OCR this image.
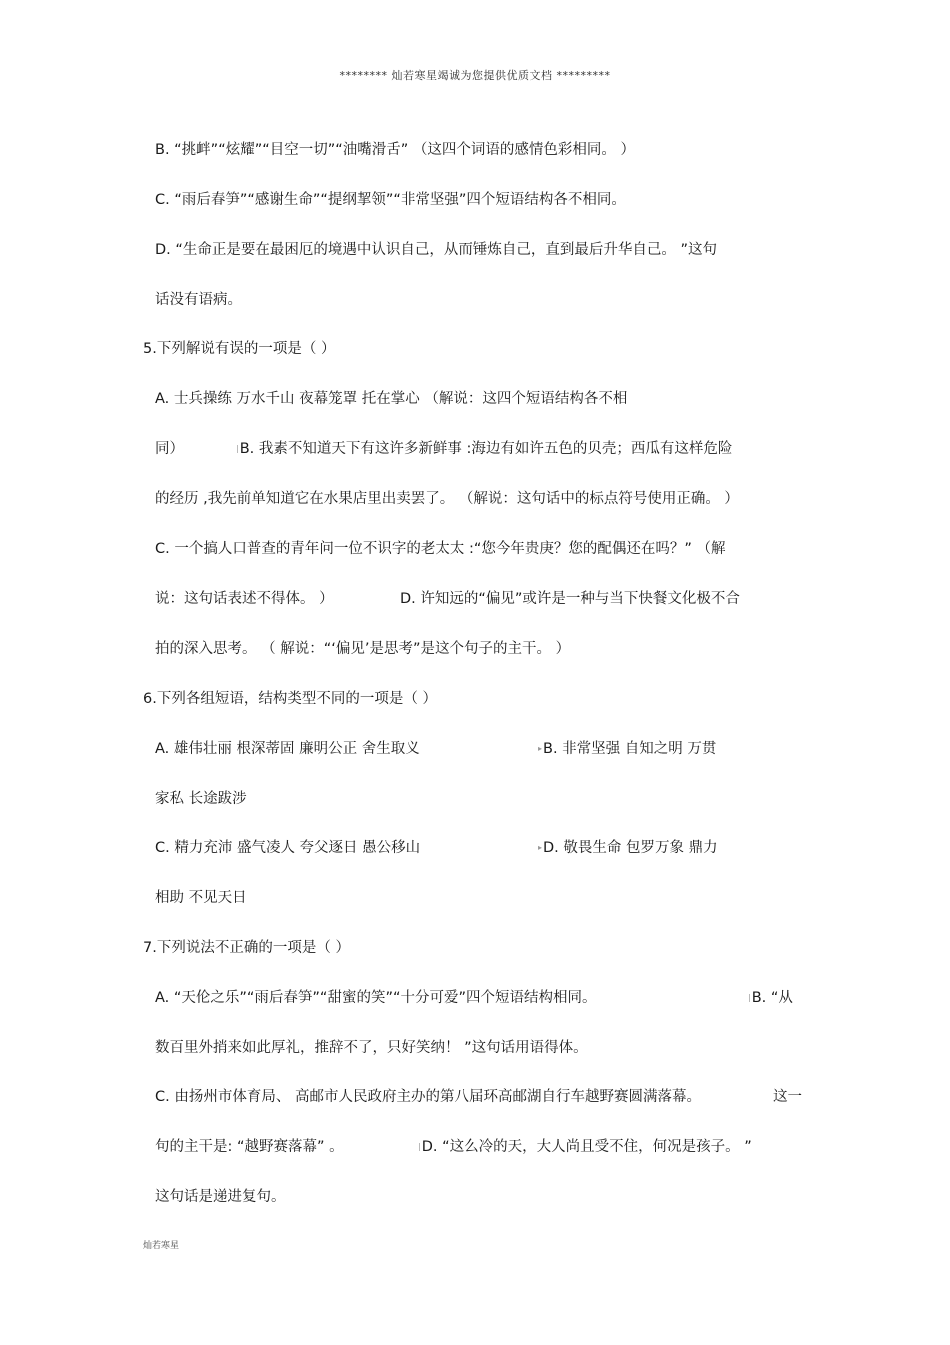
******** 灿若寒星竭诚为您提供优质文档 *********
B. “挑衅”“炫耀”“目空一切”“油嘴滑舌” （这四个词语的感情色彩相同。 ）
C. “雨后春笋”“感谢生命”“提纲挈领”“非常坚强”四个短语结构各不相同。
D. “生命正是要在最困厄的境遇中认识自己，从而锤炼自己，直到最后升华自己。 ”这句
话没有语病。
5.下列解说有误的一项是（ ）
A. 士兵操练 万水千山 夜幕笼罩 托在掌心 （解说：这四个短语结构各不相
同）	|B. 我素不知道天下有这许多新鲜事 :海边有如许五色的贝壳；西瓜有这样危险
的经历 ,我先前单知道它在水果店里出卖罢了。 （解说：这句话中的标点符号使用正确。 ）
C. 一个搞人口普查的青年问一位不识字的老太太 :“您今年贵庚？您的配偶还在吗？” （解
说：这句话表述不得体。 ）	D. 许知远的“偏见”或许是一种与当下快餐文化极不合
拍的深入思考。 （ 解说：“‘偏见’是思考”是这个句子的主干。 ）
6.下列各组短语，结构类型不同的一项是（ ）
A. 雄伟壮丽 根深蒂固 廉明公正 舍生取义	▸B. 非常坚强 自知之明 万贯
家私 长途跋涉
C. 精力充沛 盛气凌人 夸父逐日 愚公移山	▸D. 敬畏生命 包罗万象 鼎力
相助 不见天日
7.下列说法不正确的一项是（ ）
A. “天伦之乐”“雨后春笋”“甜蜜的笑”“十分可爱”四个短语结构相同。	|B. “从
数百里外捎来如此厚礼，推辞不了，只好笑纳！ ”这句话用语得体。
C. 由扬州市体育局、 高邮市人民政府主办的第八届环高邮湖自行车越野赛圆满落幕。	这一
句的主干是: “越野赛落幕” 。	|D. “这么冷的天，大人尚且受不住，何况是孩子。 ”
这句话是递进复句。
灿若寒星
